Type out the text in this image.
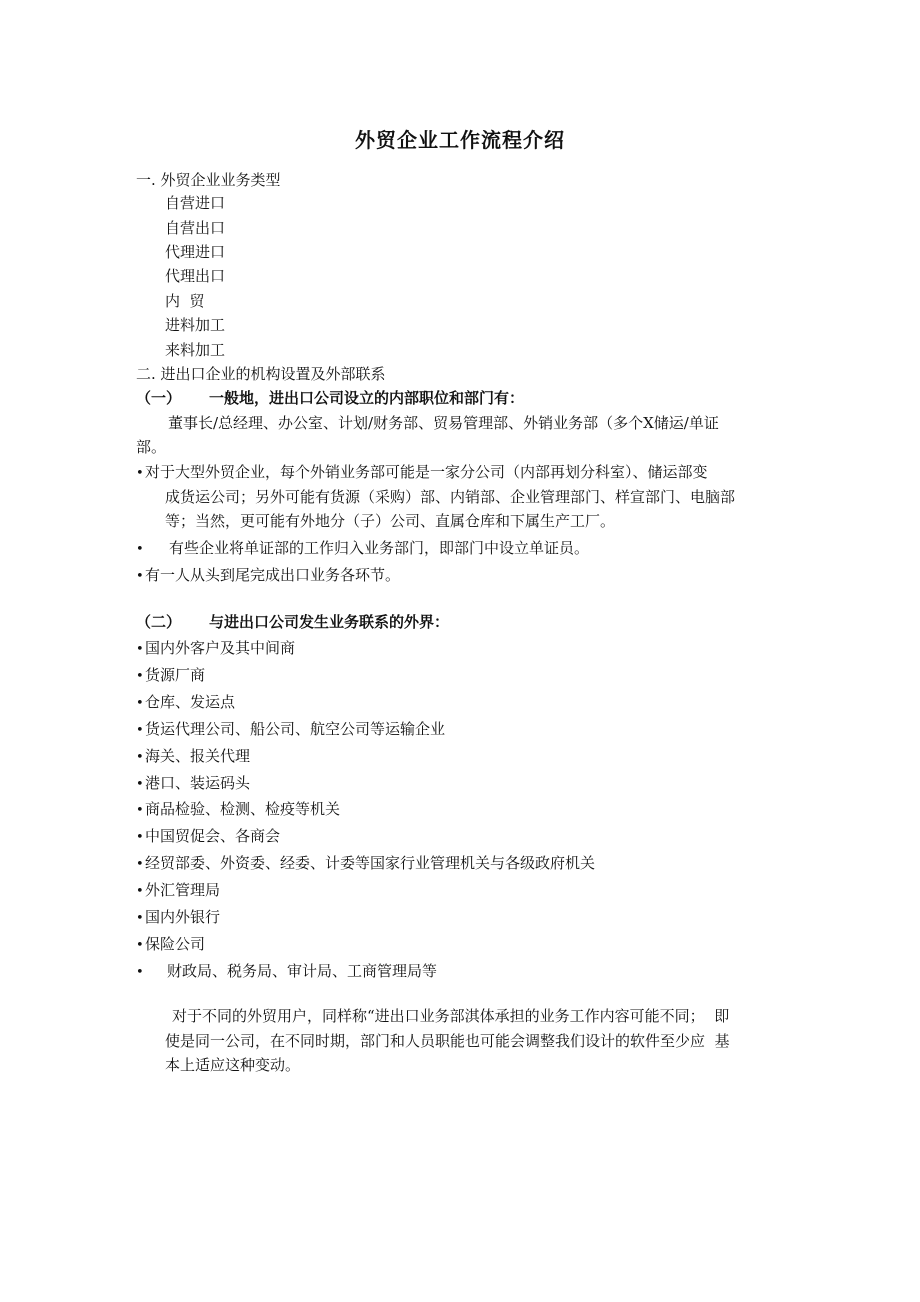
外贸企业工作流程介绍
一. 外贸企业业务类型
自营进口
自营出口
代理进口
代理出口
内  贸
进料加工
来料加工
二. 进出口企业的机构设置及外部联系
（一） 一般地，进出口公司设立的内部职位和部门有：
董事长/总经理、办公室、计划/财务部、贸易管理部、外销业务部（多个X储运/单证
部。
•对于大型外贸企业，每个外销业务部可能是一家分公司（内部再划分科室）、储运部变
成货运公司；另外可能有货源（采购）部、内销部、企业管理部门、样宣部门、电脑部
等；当然，更可能有外地分（子）公司、直属仓库和下属生产工厂。
• 有些企业将单证部的工作归入业务部门，即部门中设立单证员。
•有一人从头到尾完成出口业务各环节。
（二） 与进出口公司发生业务联系的外界：
•国内外客户及其中间商
•货源厂商
•仓库、发运点
•货运代理公司、船公司、航空公司等运输企业
•海关、报关代理
•港口、装运码头
•商品检验、检测、检疫等机关
•中国贸促会、各商会
•经贸部委、外资委、经委、计委等国家行业管理机关与各级政府机关
•外汇管理局
•国内外银行
•保险公司
• 财政局、税务局、审计局、工商管理局等
对于不同的外贸用户，同样称“进出口业务部淇体承担的业务工作内容可能不同；  即
使是同一公司，在不同时期，部门和人员职能也可能会调整我们设计的软件至少应  基
本上适应这种变动。
